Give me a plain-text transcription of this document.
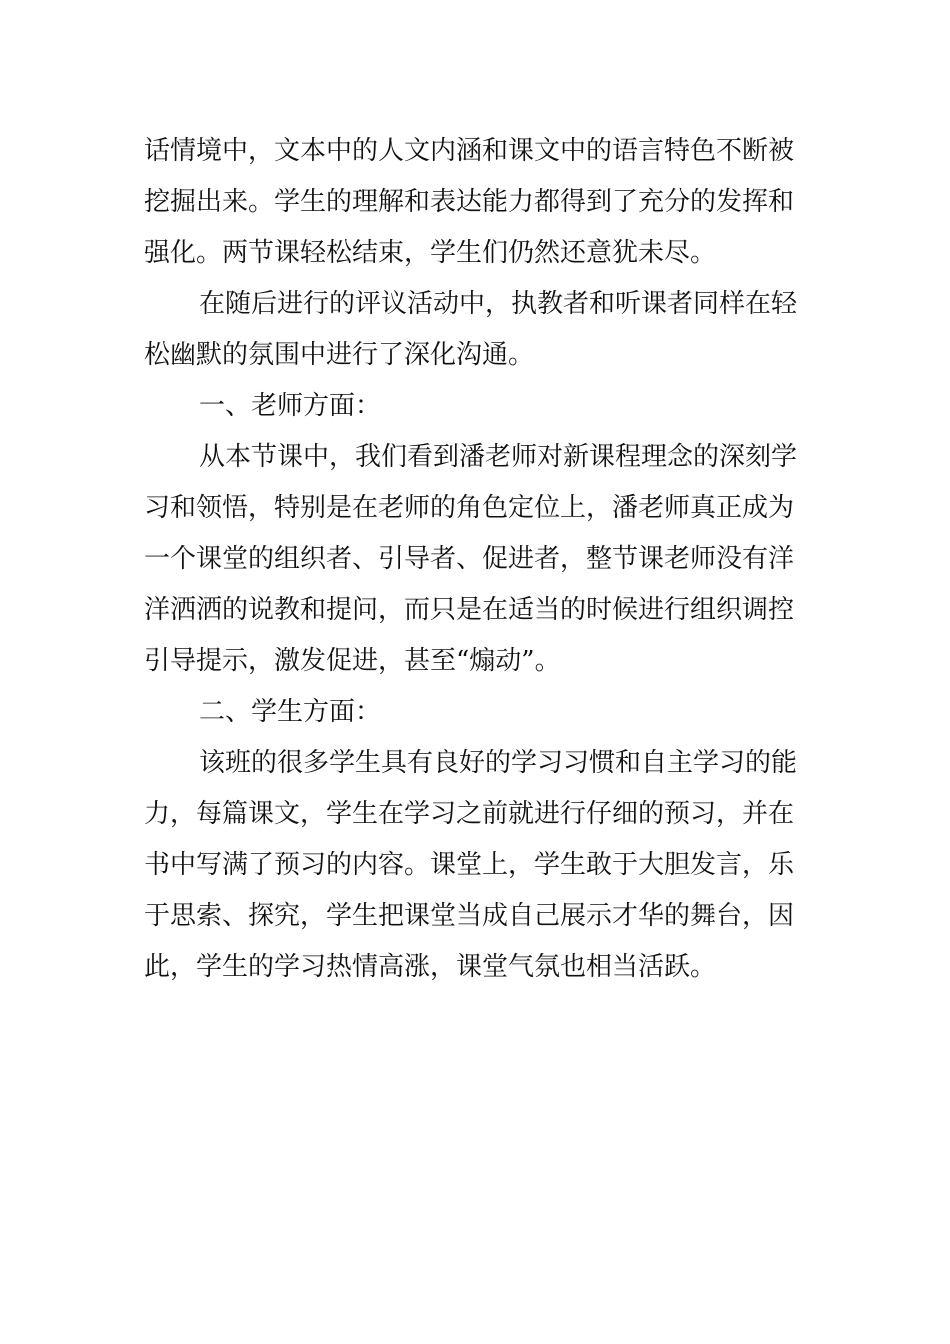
话情境中，文本中的人文内涵和课文中的语言特色不断被
挖掘出来。学生的理解和表达能力都得到了充分的发挥和
强化。两节课轻松结束，学生们仍然还意犹未尽。
在随后进行的评议活动中，执教者和听课者同样在轻
松幽默的氛围中进行了深化沟通。
一、老师方面：
从本节课中，我们看到潘老师对新课程理念的深刻学
习和领悟，特别是在老师的角色定位上，潘老师真正成为
一个课堂的组织者、引导者、促进者，整节课老师没有洋
洋洒洒的说教和提问，而只是在适当的时候进行组织调控
引导提示，激发促进，甚至“煽动”。
二、学生方面：
该班的很多学生具有良好的学习习惯和自主学习的能
力，每篇课文，学生在学习之前就进行仔细的预习，并在
书中写满了预习的内容。课堂上，学生敢于大胆发言，乐
于思索、探究，学生把课堂当成自己展示才华的舞台，因
此，学生的学习热情高涨，课堂气氛也相当活跃。
